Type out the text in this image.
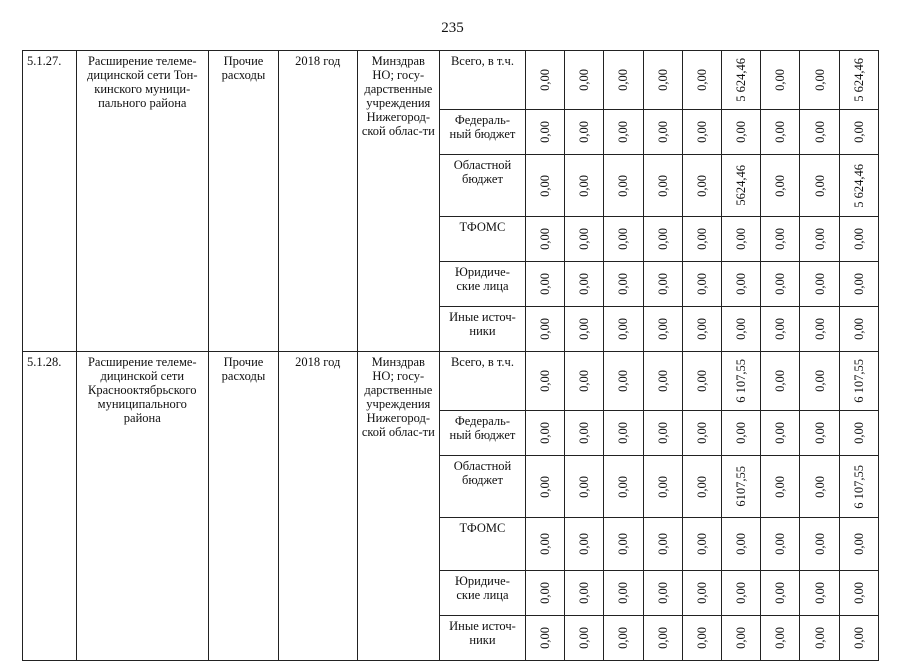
235
5.1.27.	Расширение телеме-дицинской сети Тон-кинского муници-пального района	Прочие расходы	2018 год	Минздрав НО; госу-дарственные учреждения Нижегород-ской облас-ти	Всего, в т.ч.	0,00	0,00	0,00	0,00	0,00	5 624,46	0,00	0,00	5 624,46

					Федераль-ный бюджет	0,00	0,00	0,00	0,00	0,00	0,00	0,00	0,00	0,00

					Областной бюджет	0,00	0,00	0,00	0,00	0,00	5624,46	0,00	0,00	5 624,46

					ТФОМС	0,00	0,00	0,00	0,00	0,00	0,00	0,00	0,00	0,00

					Юридиче-ские лица	0,00	0,00	0,00	0,00	0,00	0,00	0,00	0,00	0,00

					Иные источ-ники	0,00	0,00	0,00	0,00	0,00	0,00	0,00	0,00	0,00

5.1.28.	Расширение телеме-дицинской сети Краснооктябрьского муниципального района	Прочие расходы	2018 год	Минздрав НО; госу-дарственные учреждения Нижегород-ской облас-ти	Всего, в т.ч.	0,00	0,00	0,00	0,00	0,00	6 107,55	0,00	0,00	6 107,55

					Федераль-ный бюджет	0,00	0,00	0,00	0,00	0,00	0,00	0,00	0,00	0,00

					Областной бюджет	0,00	0,00	0,00	0,00	0,00	6107,55	0,00	0,00	6 107,55

					ТФОМС	0,00	0,00	0,00	0,00	0,00	0,00	0,00	0,00	0,00

					Юридиче-ские лица	0,00	0,00	0,00	0,00	0,00	0,00	0,00	0,00	0,00

					Иные источ-ники	0,00	0,00	0,00	0,00	0,00	0,00	0,00	0,00	0,00
